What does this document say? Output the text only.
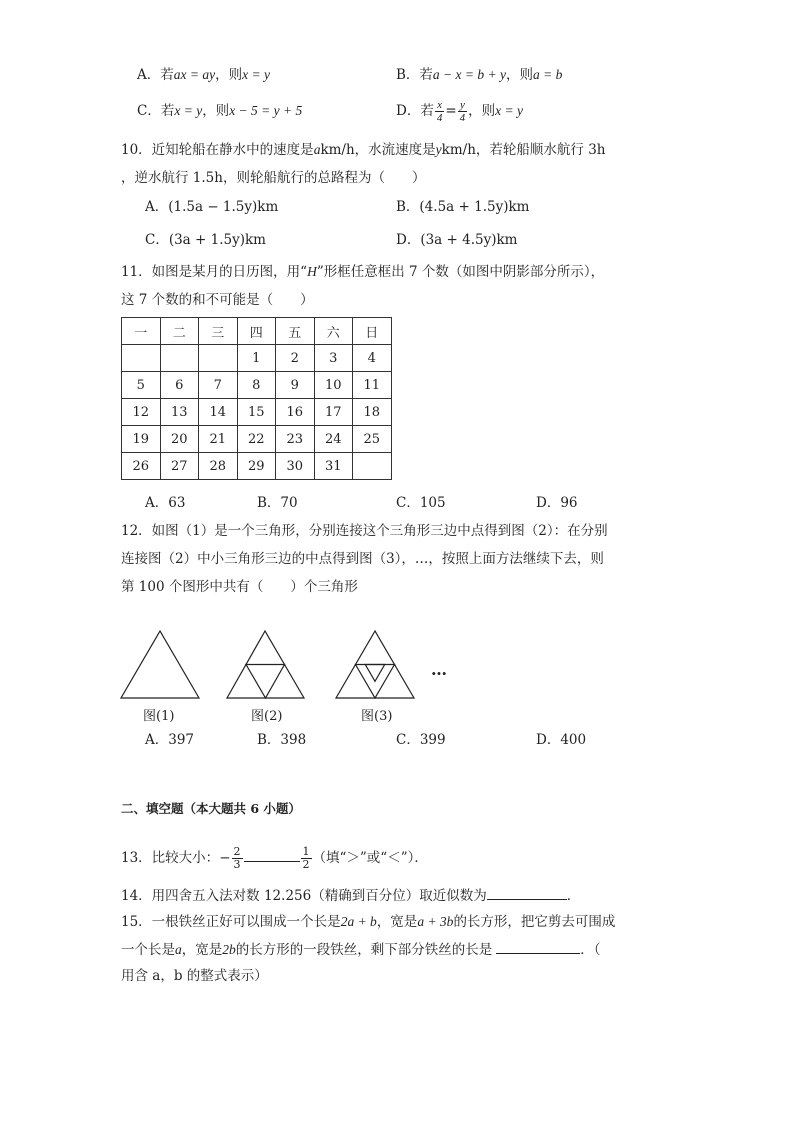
A．若ax = ay，则x = y	B．若a − x = b + y，则a = b
C．若x = y，则x − 5 = y + 5	D．若 $\frac{x}{4} = \frac{y}{4}$ ，则x = y
10．近知轮船在静水中的速度是akm/h，水流速度是ykm/h，若轮船顺水航行 3h
，逆水航行 1.5h，则轮船航行的总路程为（　　）
A．(1.5a − 1.5y)km	B．(4.5a + 1.5y)km
C．(3a + 1.5y)km	D．(3a + 4.5y)km
11．如图是某月的日历图，用“H”形框任意框出 7 个数（如图中阴影部分所示），
这 7 个数的和不可能是（　　）
一	二	三	四	五	六	日
			1	2	3	4
5	6	7	8	9	10	11
12	13	14	15	16	17	18
19	20	21	22	23	24	25
26	27	28	29	30	31	
A．63	B．70	C．105	D．96
12．如图（1）是一个三角形，分别连接这个三角形三边中点得到图（2）：在分别
连接图（2）中小三角形三边的中点得到图（3），…，按照上面方法继续下去，则
第 100 个图形中共有（　　）个三角形
…
图(1)	图(2)	图(3)
A．397	B．398	C．399	D．400
二、填空题（本大题共 6 小题）
13．比较大小：− $\frac{2}{3}$	$\frac{1}{2}$ （填“＞”或“＜”）．
14．用四舍五入法对数 12.256（精确到百分位）取近似数为	．
15．一根铁丝正好可以围成一个长是2a + b，宽是a + 3b的长方形，把它剪去可围成
一个长是a，宽是2b的长方形的一段铁丝，剩下部分铁丝的长是	．（
用含 a，b 的整式表示）
